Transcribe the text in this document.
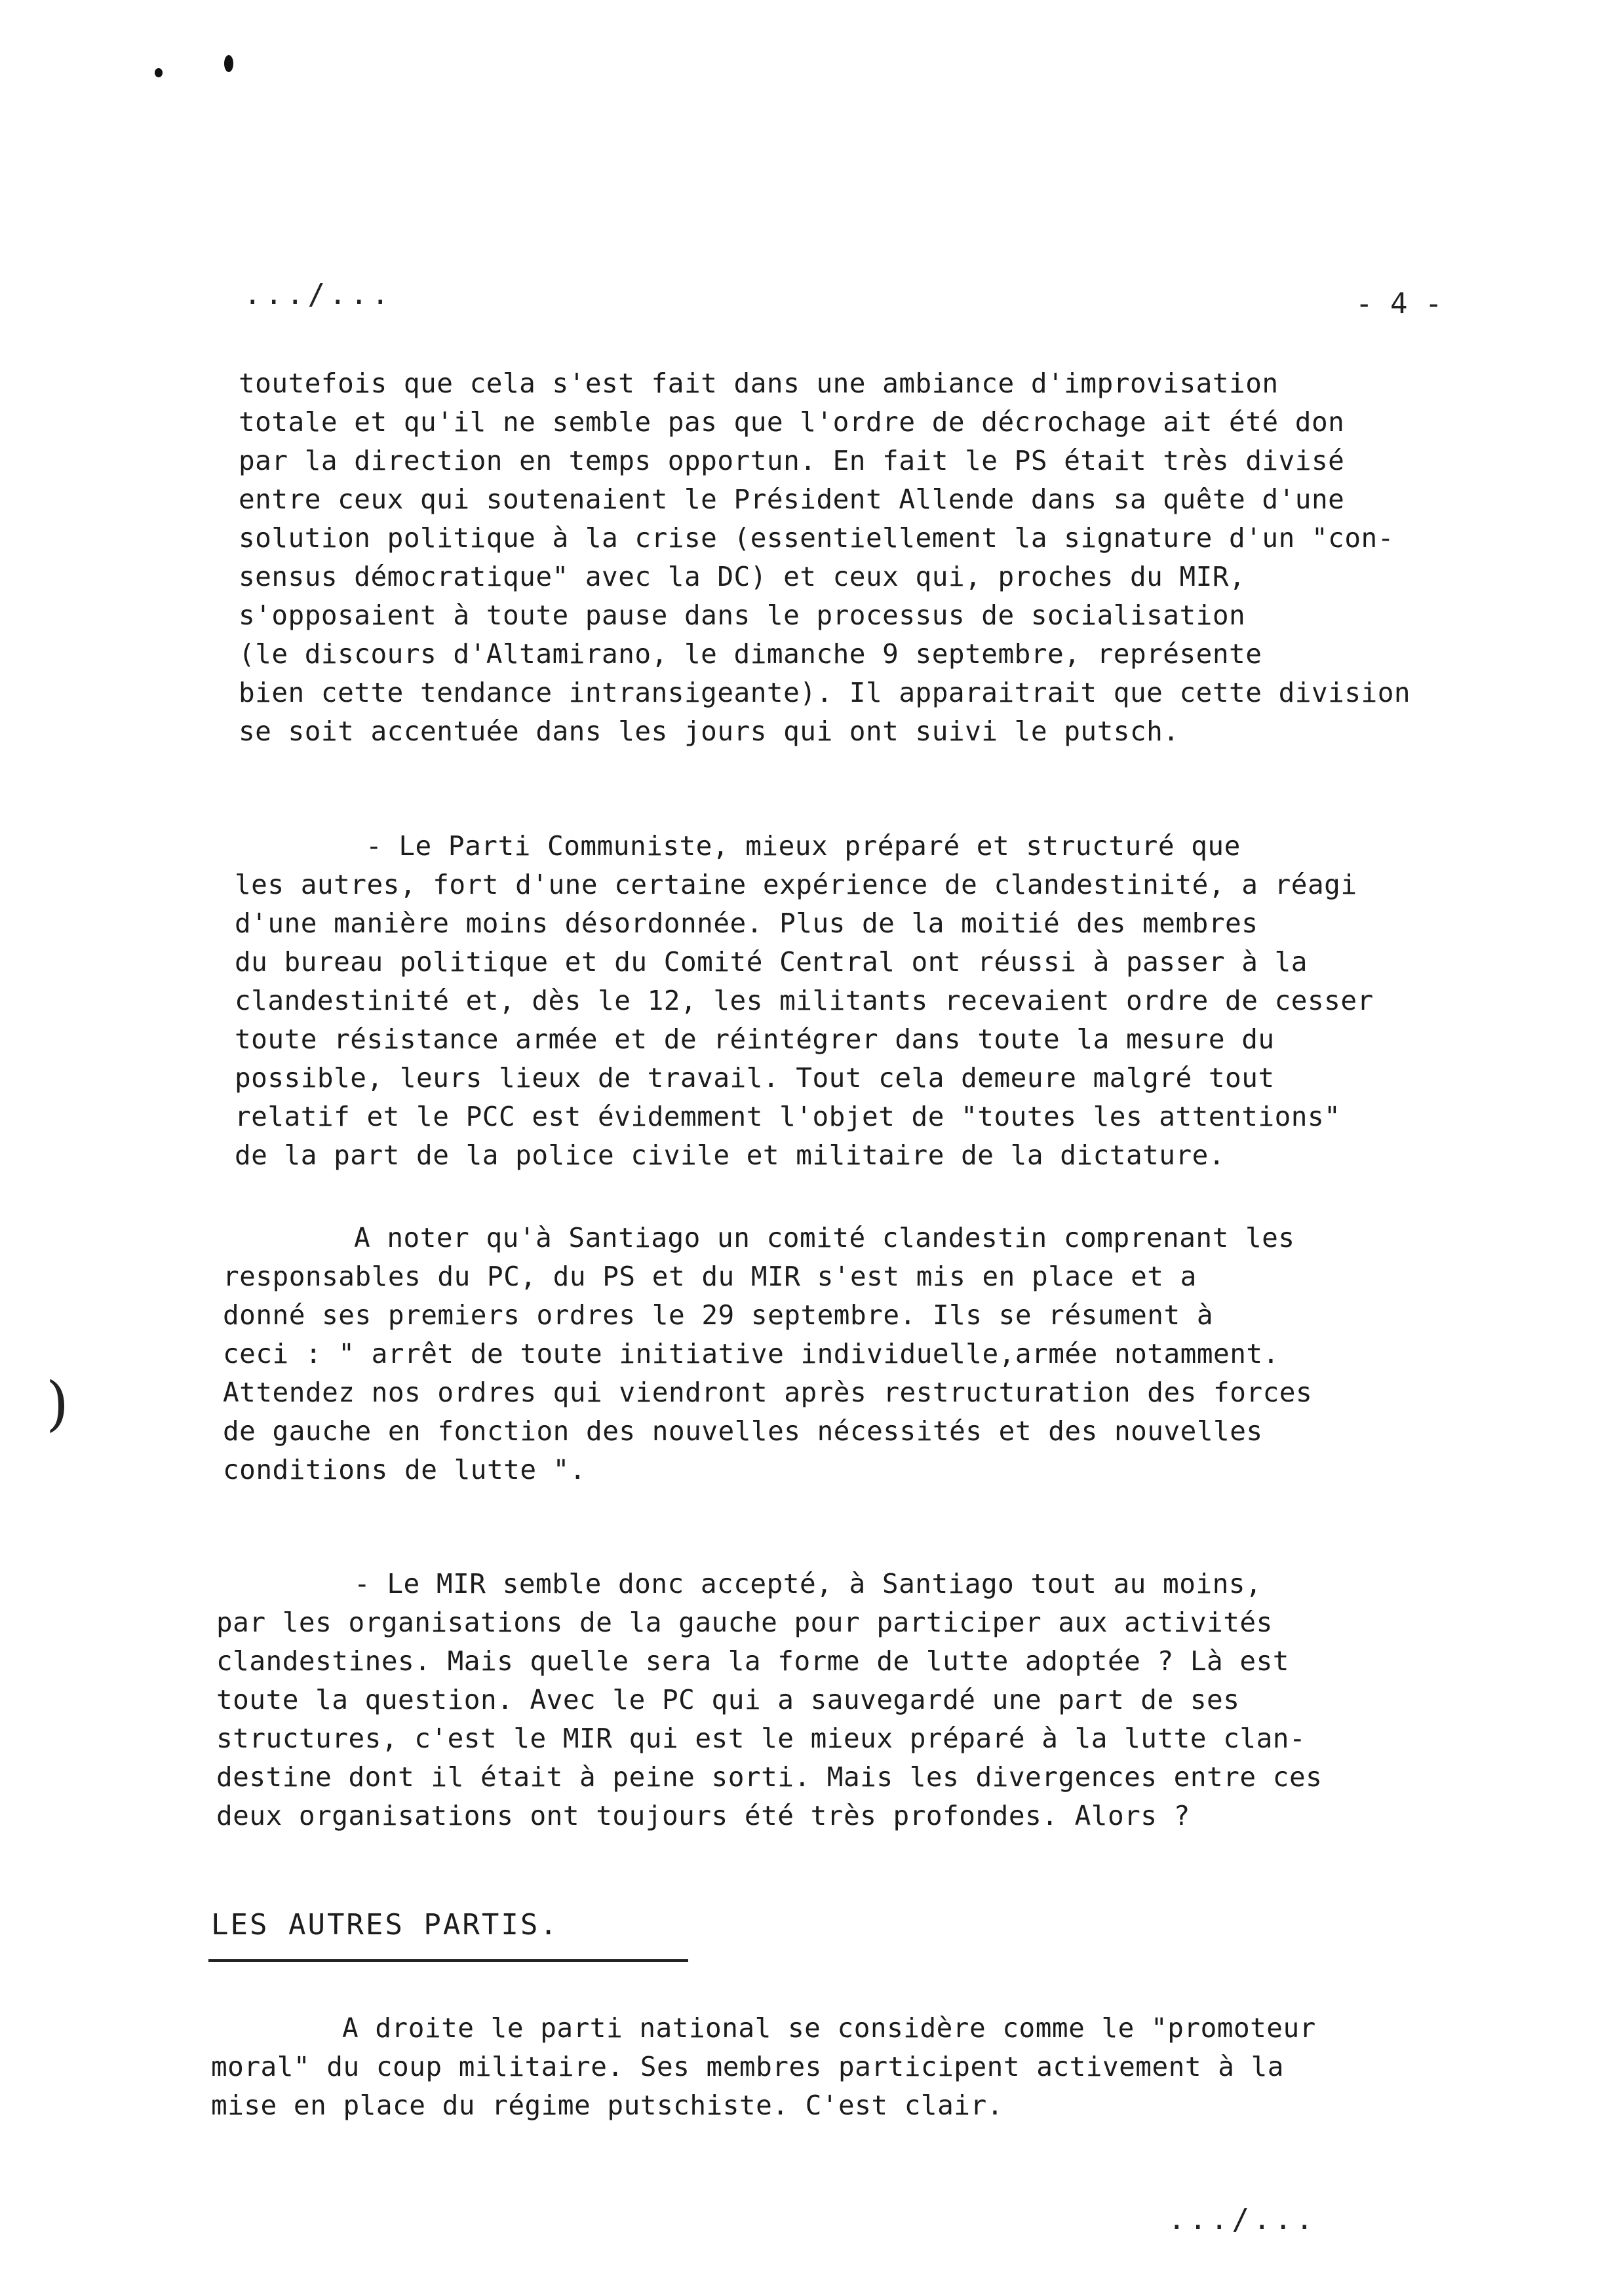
.../...	- 4 -
toutefois que cela s'est fait dans une ambiance d'improvisation
totale et qu'il ne semble pas que l'ordre de décrochage ait été don
par la direction en temps opportun. En fait le PS était très divisé
entre ceux qui soutenaient le Président Allende dans sa quête d'une
solution politique à la crise (essentiellement la signature d'un "con-
sensus démocratique" avec la DC) et ceux qui, proches du MIR,
s'opposaient à toute pause dans le processus de socialisation
(le discours d'Altamirano, le dimanche 9 septembre, représente
bien cette tendance intransigeante). Il apparaitrait que cette division
se soit accentuée dans les jours qui ont suivi le putsch.
- Le Parti Communiste, mieux préparé et structuré que
les autres, fort d'une certaine expérience de clandestinité, a réagi
d'une manière moins désordonnée. Plus de la moitié des membres
du bureau politique et du Comité Central ont réussi à passer à la
clandestinité et, dès le 12, les militants recevaient ordre de cesser
toute résistance armée et de réintégrer dans toute la mesure du
possible, leurs lieux de travail. Tout cela demeure malgré tout
relatif et le PCC est évidemment l'objet de "toutes les attentions"
de la part de la police civile et militaire de la dictature.
A noter qu'à Santiago un comité clandestin comprenant les
responsables du PC, du PS et du MIR s'est mis en place et a
donné ses premiers ordres le 29 septembre. Ils se résument à
ceci : " arrêt de toute initiative individuelle,armée notamment.
Attendez nos ordres qui viendront après restructuration des forces
de gauche en fonction des nouvelles nécessités et des nouvelles
conditions de lutte ".
)
- Le MIR semble donc accepté, à Santiago tout au moins,
par les organisations de la gauche pour participer aux activités
clandestines. Mais quelle sera la forme de lutte adoptée ? Là est
toute la question. Avec le PC qui a sauvegardé une part de ses
structures, c'est le MIR qui est le mieux préparé à la lutte clan-
destine dont il était à peine sorti. Mais les divergences entre ces
deux organisations ont toujours été très profondes. Alors ?
LES AUTRES PARTIS.
A droite le parti national se considère comme le "promoteur
moral" du coup militaire. Ses membres participent activement à la
mise en place du régime putschiste. C'est clair.
.../...
